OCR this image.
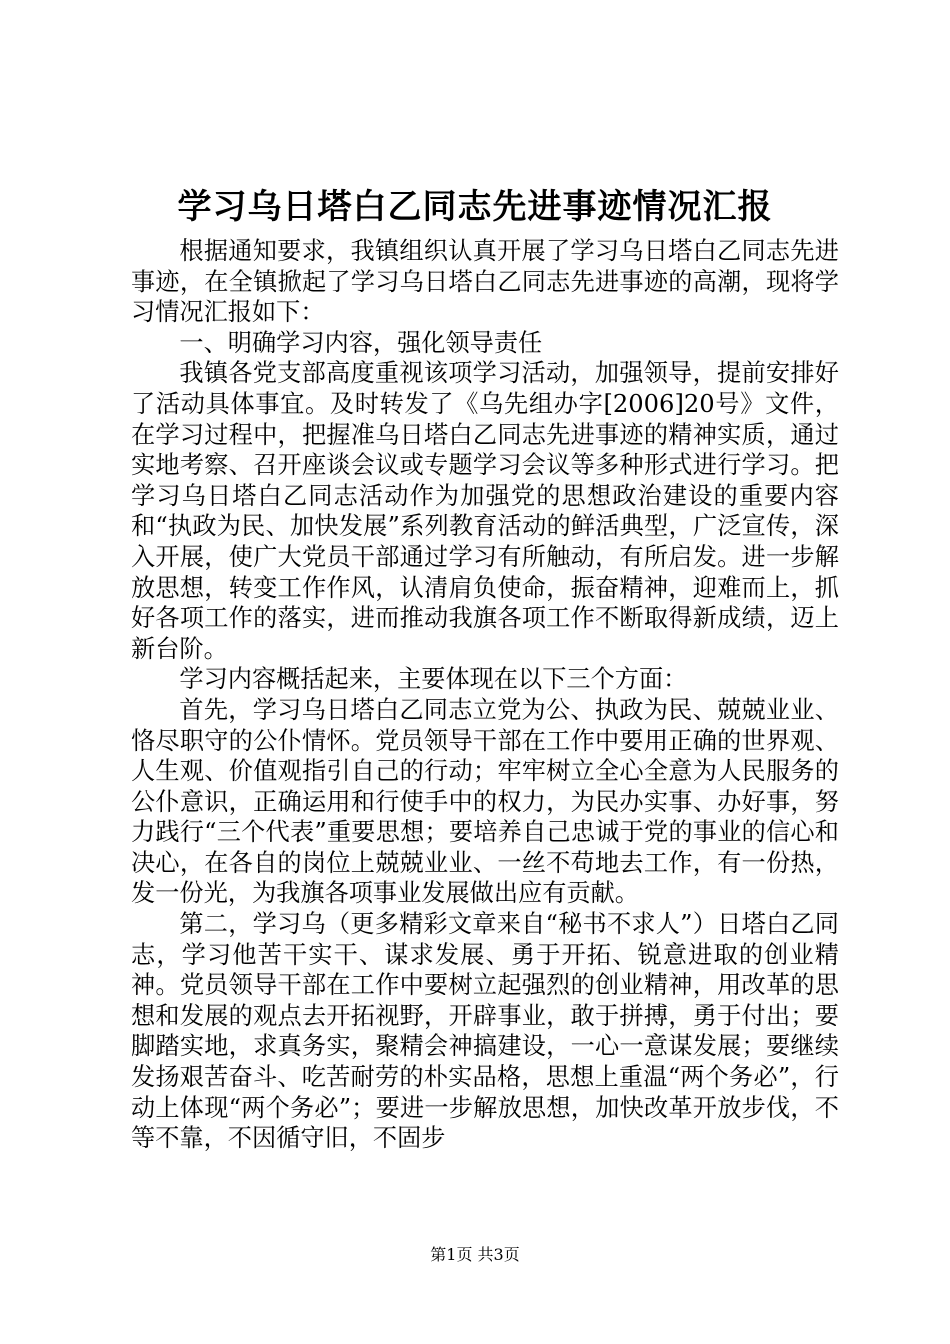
学习乌日塔白乙同志先进事迹情况汇报

根据通知要求，我镇组织认真开展了学习乌日塔白乙同志先进事迹，在全镇掀起了学习乌日塔白乙同志先进事迹的高潮，现将学习情况汇报如下：

一、明确学习内容，强化领导责任

我镇各党支部高度重视该项学习活动，加强领导，提前安排好了活动具体事宜。及时转发了《乌先组办字[2006]20号》文件，在学习过程中，把握准乌日塔白乙同志先进事迹的精神实质，通过实地考察、召开座谈会议或专题学习会议等多种形式进行学习。把学习乌日塔白乙同志活动作为加强党的思想政治建设的重要内容和“执政为民、加快发展”系列教育活动的鲜活典型，广泛宣传，深入开展，使广大党员干部通过学习有所触动，有所启发。进一步解放思想，转变工作作风，认清肩负使命，振奋精神，迎难而上，抓好各项工作的落实，进而推动我旗各项工作不断取得新成绩，迈上新台阶。

学习内容概括起来，主要体现在以下三个方面：

首先，学习乌日塔白乙同志立党为公、执政为民、兢兢业业、恪尽职守的公仆情怀。党员领导干部在工作中要用正确的世界观、人生观、价值观指引自己的行动；牢牢树立全心全意为人民服务的公仆意识，正确运用和行使手中的权力，为民办实事、办好事，努力践行“三个代表”重要思想；要培养自己忠诚于党的事业的信心和决心，在各自的岗位上兢兢业业、一丝不苟地去工作，有一份热，发一份光，为我旗各项事业发展做出应有贡献。

第二，学习乌（更多精彩文章来自“秘书不求人”）日塔白乙同志，学习他苦干实干、谋求发展、勇于开拓、锐意进取的创业精神。党员领导干部在工作中要树立起强烈的创业精神，用改革的思想和发展的观点去开拓视野，开辟事业，敢于拼搏，勇于付出；要脚踏实地，求真务实，聚精会神搞建设，一心一意谋发展；要继续发扬艰苦奋斗、吃苦耐劳的朴实品格，思想上重温“两个务必”，行动上体现“两个务必”；要进一步解放思想，加快改革开放步伐，不等不靠，不因循守旧，不固步

第1页 共3页
